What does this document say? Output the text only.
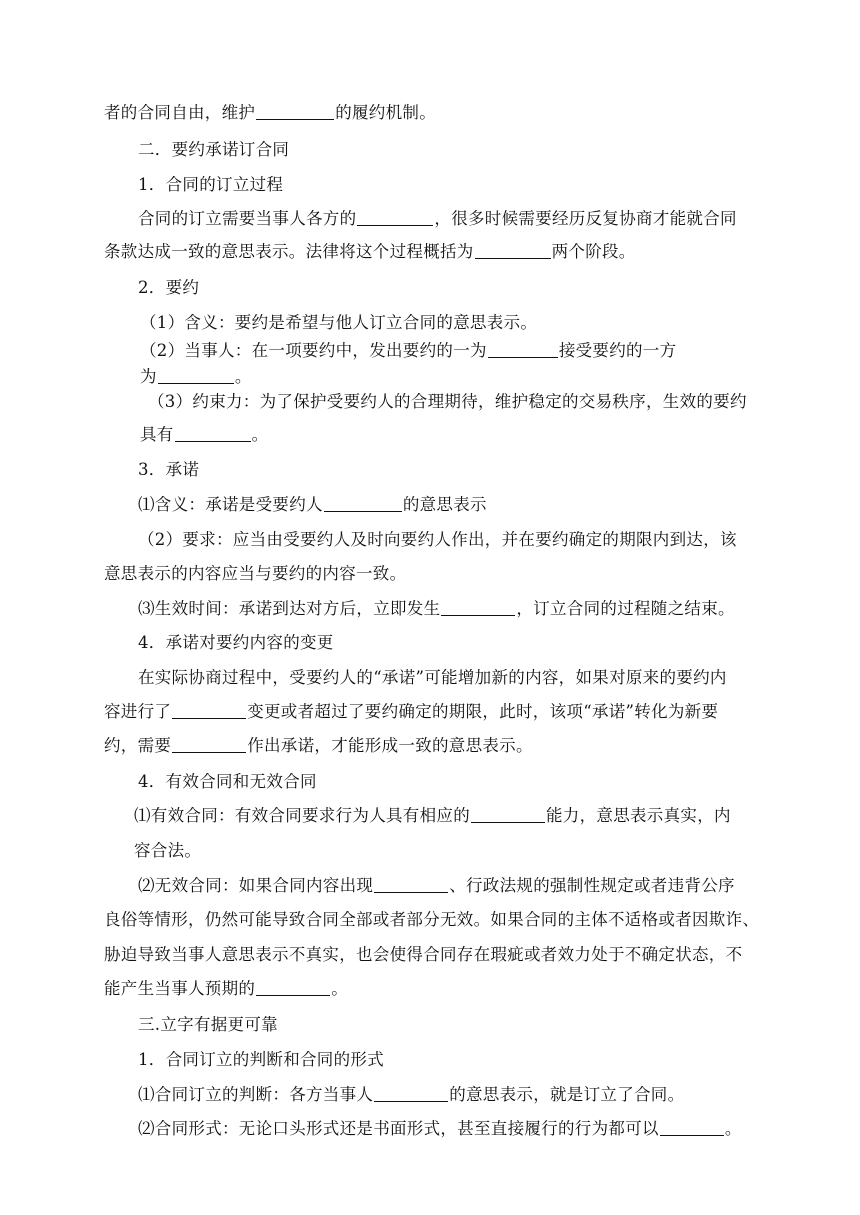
者的合同自由，维护	的履约机制。
二．要约承诺订合同
1．合同的订立过程
合同的订立需要当事人各方的	，很多时候需要经历反复协商才能就合同
条款达成一致的意思表示。法律将这个过程概括为	两个阶段。
2．要约
（1）含义：要约是希望与他人订立合同的意思表示。
（2）当事人：在一项要约中，发出要约的一为	接受要约的一方
为	。
（3）约束力：为了保护受要约人的合理期待，维护稳定的交易秩序，生效的要约
具有	。
3．承诺
⑴含义：承诺是受要约人	的意思表示
（2）要求：应当由受要约人及时向要约人作出，并在要约确定的期限内到达，该
意思表示的内容应当与要约的内容一致。
⑶生效时间：承诺到达对方后，立即发生	，订立合同的过程随之结束。
4．承诺对要约内容的变更
在实际协商过程中，受要约人的“承诺”可能增加新的内容，如果对原来的要约内
容进行了	变更或者超过了要约确定的期限，此时，该项“承诺”转化为新要
约，需要	作出承诺，才能形成一致的意思表示。
4．有效合同和无效合同
⑴有效合同：有效合同要求行为人具有相应的	能力，意思表示真实，内
容合法。
⑵无效合同：如果合同内容出现	、行政法规的强制性规定或者违背公序
良俗等情形，仍然可能导致合同全部或者部分无效。如果合同的主体不适格或者因欺诈、
胁迫导致当事人意思表示不真实，也会使得合同存在瑕疵或者效力处于不确定状态，不
能产生当事人预期的	。
三.立字有据更可靠
1．合同订立的判断和合同的形式
⑴合同订立的判断：各方当事人	的意思表示，就是订立了合同。
⑵合同形式：无论口头形式还是书面形式，甚至直接履行的行为都可以	。
